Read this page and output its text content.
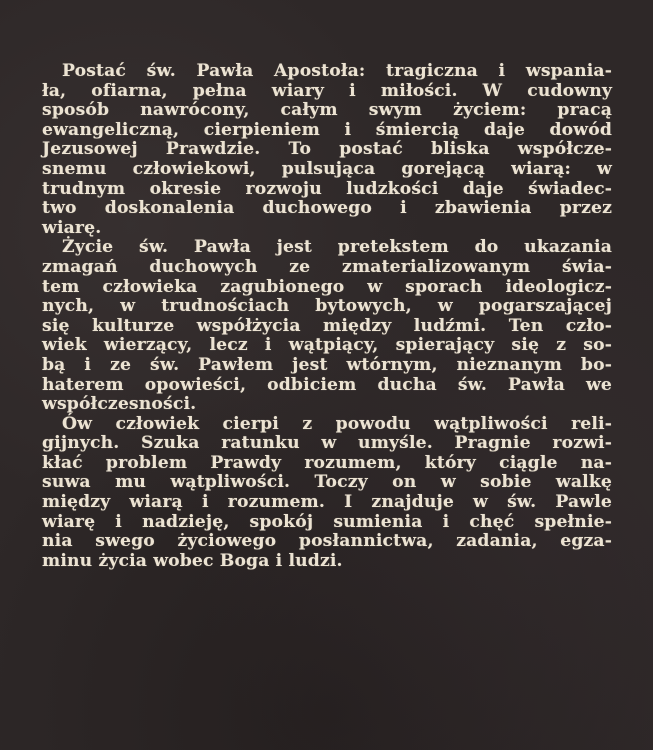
Postać św. Pawła Apostoła: tragiczna i wspania-
ła, ofiarna, pełna wiary i miłości. W cudowny
sposób nawrócony, całym swym życiem: pracą
ewangeliczną, cierpieniem i śmiercią daje dowód
Jezusowej Prawdzie. To postać bliska współcze-
snemu człowiekowi, pulsująca gorejącą wiarą: w
trudnym okresie rozwoju ludzkości daje świadec-
two doskonalenia duchowego i zbawienia przez
wiarę.
Życie św. Pawła jest pretekstem do ukazania
zmagań duchowych ze zmaterializowanym świa-
tem człowieka zagubionego w sporach ideologicz-
nych, w trudnościach bytowych, w pogarszającej
się kulturze współżycia między ludźmi. Ten czło-
wiek wierzący, lecz i wątpiący, spierający się z so-
bą i ze św. Pawłem jest wtórnym, nieznanym bo-
haterem opowieści, odbiciem ducha św. Pawła we
współczesności.
Ów człowiek cierpi z powodu wątpliwości reli-
gijnych. Szuka ratunku w umyśle. Pragnie rozwi-
kłać problem Prawdy rozumem, który ciągle na-
suwa mu wątpliwości. Toczy on w sobie walkę
między wiarą i rozumem. I znajduje w św. Pawle
wiarę i nadzieję, spokój sumienia i chęć spełnie-
nia swego życiowego posłannictwa, zadania, egza-
minu życia wobec Boga i ludzi.
